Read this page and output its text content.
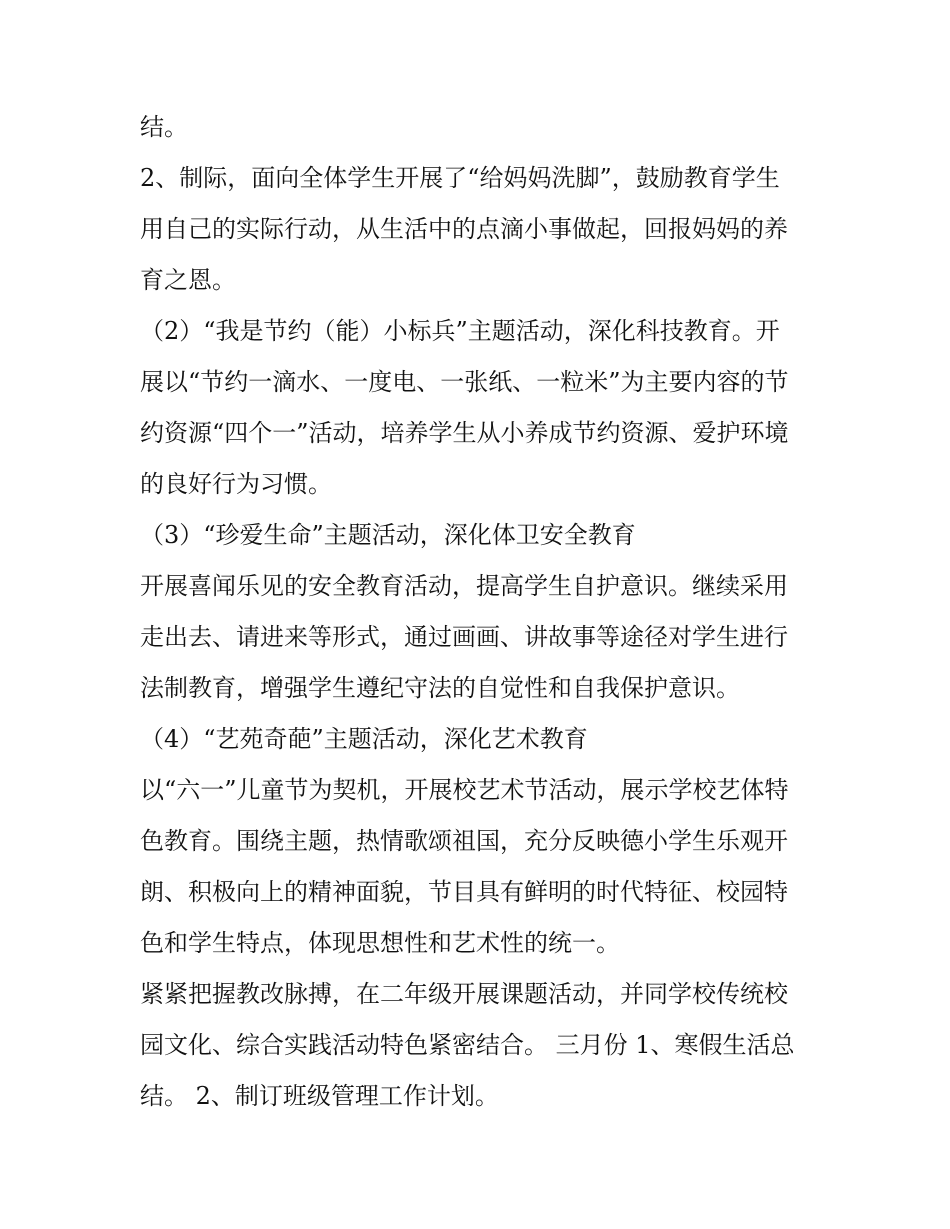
结。
2、制际，面向全体学生开展了“给妈妈洗脚”，鼓励教育学生
用自己的实际行动，从生活中的点滴小事做起，回报妈妈的养
育之恩。
（2）“我是节约（能）小标兵”主题活动，深化科技教育。开
展以“节约一滴水、一度电、一张纸、一粒米”为主要内容的节
约资源“四个一”活动，培养学生从小养成节约资源、爱护环境
的良好行为习惯。
（3）“珍爱生命”主题活动，深化体卫安全教育
开展喜闻乐见的安全教育活动，提高学生自护意识。继续采用
走出去、请进来等形式，通过画画、讲故事等途径对学生进行
法制教育，增强学生遵纪守法的自觉性和自我保护意识。
（4）“艺苑奇葩”主题活动，深化艺术教育
以“六一”儿童节为契机，开展校艺术节活动，展示学校艺体特
色教育。围绕主题，热情歌颂祖国，充分反映德小学生乐观开
朗、积极向上的精神面貌，节目具有鲜明的时代特征、校园特
色和学生特点，体现思想性和艺术性的统一。
紧紧把握教改脉搏，在二年级开展课题活动，并同学校传统校
园文化、综合实践活动特色紧密结合。 三月份 1、寒假生活总
结。 2、制订班级管理工作计划。
